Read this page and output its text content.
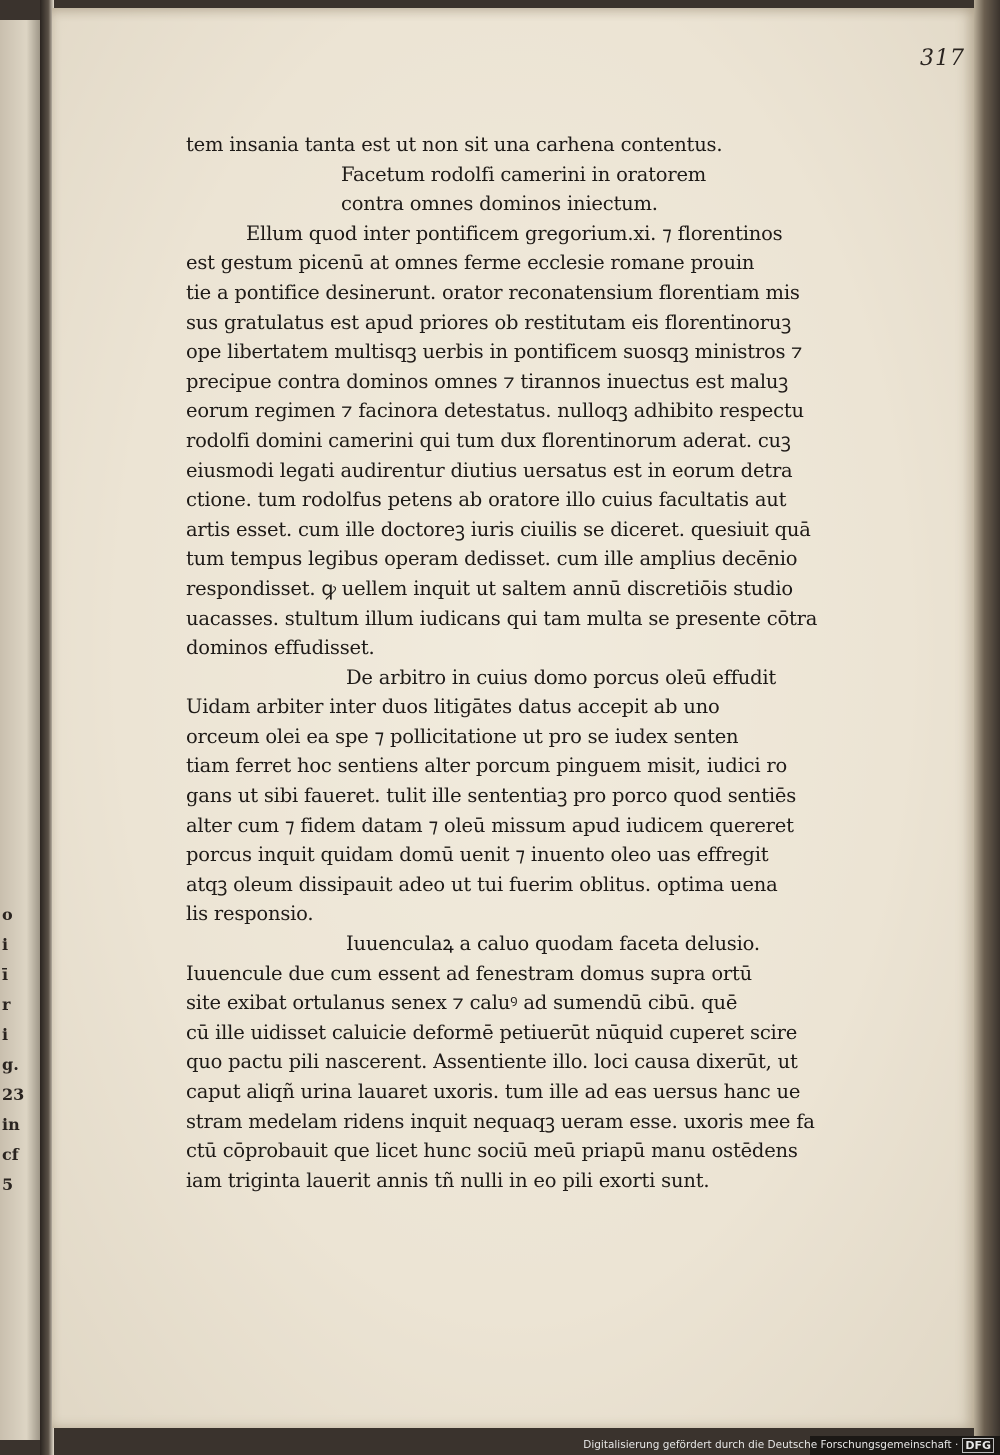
o
i
ī
r
i
g.
23
in
cf
5
317
tem insania tanta est ut non sit una carhena contentus.
Facetum rodolfi camerini in oratorem
contra omnes dominos iniectum.
Ellum quod inter pontificem gregorium.xi. ⁊ florentinos
est gestum picenū at omnes ferme ecclesie romane prouin
tie a pontifice desinerunt. orator reconatensium florentiam mis
sus gratulatus est apud priores ob restitutam eis florentinoruꝫ
ope libertatem multisqꝫ uerbis in pontificem suosqꝫ ministros ⁊
precipue contra dominos omnes ⁊ tirannos inuectus est maluꝫ
eorum regimen ⁊ facinora detestatus. nulloqꝫ adhibito respectu
rodolfi domini camerini qui tum dux florentinorum aderat. cuꝫ
eiusmodi legati audirentur diutius uersatus est in eorum detra
ctione. tum rodolfus petens ab oratore illo cuius facultatis aut
artis esset. cum ille doctoreꝫ iuris ciuilis se diceret. quesiuit quā
tum tempus legibus operam dedisset. cum ille amplius decēnio
respondisset. ꝙ uellem inquit ut saltem annū discretiōis studio
uacasses. stultum illum iudicans qui tam multa se presente cōtra
dominos effudisset.
De arbitro in cuius domo porcus oleū effudit
Uidam arbiter inter duos litigātes datus accepit ab uno
orceum olei ea spe ⁊ pollicitatione ut pro se iudex senten
tiam ferret hoc sentiens alter porcum pinguem misit, iudici ro
gans ut sibi faueret. tulit ille sententiaꝫ pro porco quod sentiēs
alter cum ⁊ fidem datam ⁊ oleū missum apud iudicem quereret
porcus inquit quidam domū uenit ⁊ inuento oleo uas effregit
atqꝫ oleum dissipauit adeo ut tui fuerim oblitus. optima uena
lis responsio.
Iuuenculaꝝ a caluo quodam faceta delusio.
Iuuencule due cum essent ad fenestram domus supra ortū
site exibat ortulanus senex ⁊ caluꝰ ad sumendū cibū. quē
cū ille uidisset caluicie deformē petiuerūt nūquid cuperet scire
quo pactu pili nascerent. Assentiente illo. loci causa dixerūt, ut
caput aliqñ urina lauaret uxoris. tum ille ad eas uersus hanc ue
stram medelam ridens inquit nequaqꝫ ueram esse. uxoris mee fa
ctū cōprobauit que licet hunc sociū meū priapū manu ostēdens
iam triginta lauerit annis tñ nulli in eo pili exorti sunt.
Digitalisierung gefördert durch die Deutsche Forschungsgemeinschaft · DFG
